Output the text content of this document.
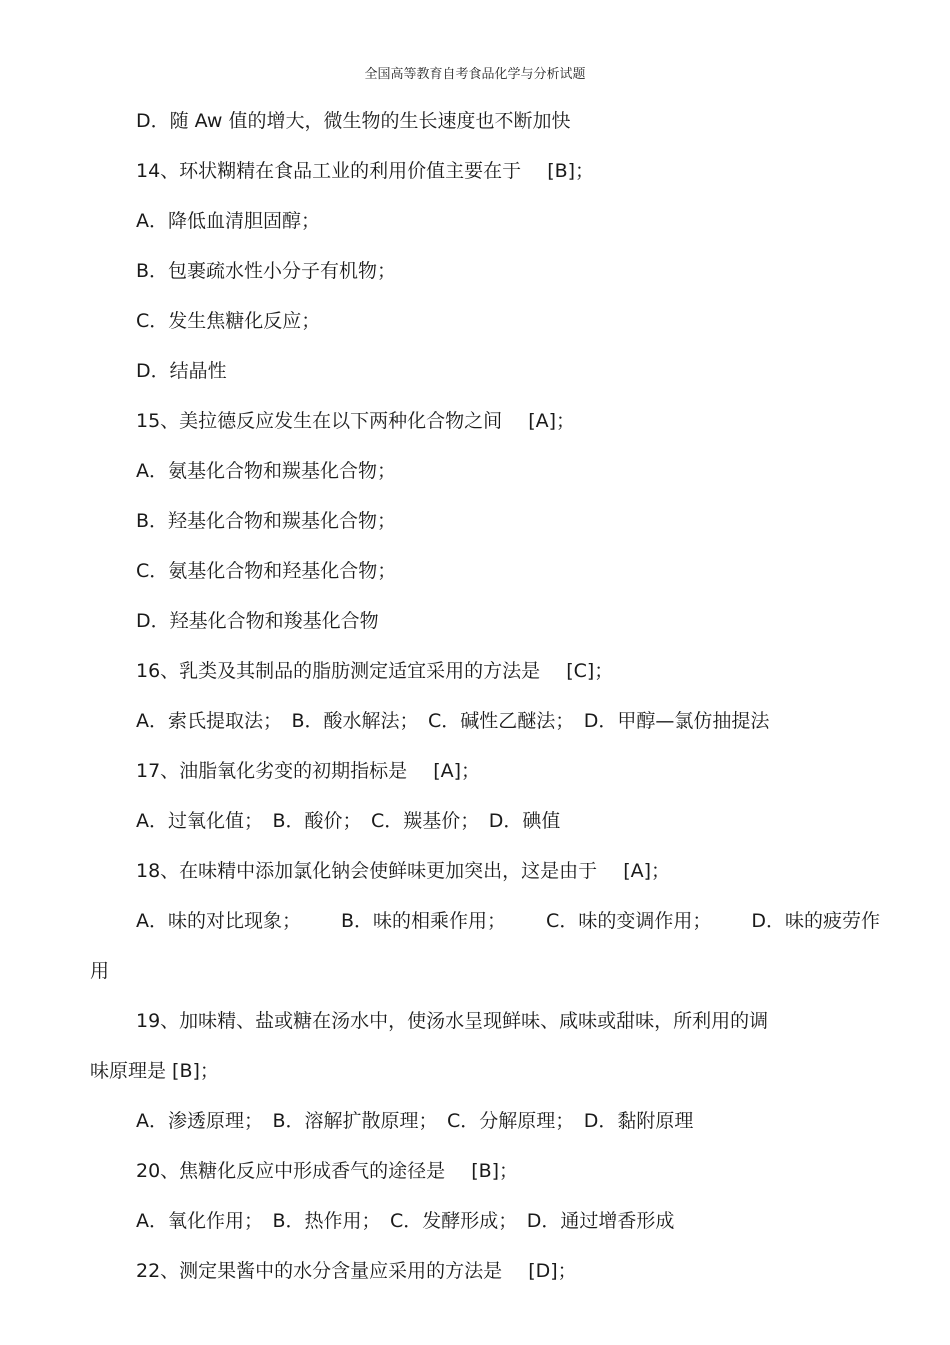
全国高等教育自考食品化学与分析试题
D．随 Aw 值的增大，微生物的生长速度也不断加快
14、环状糊精在食品工业的利用价值主要在于 [B]；
A．降低血清胆固醇；
B．包裹疏水性小分子有机物；
C．发生焦糖化反应；
D．结晶性
15、美拉德反应发生在以下两种化合物之间 [A]；
A．氨基化合物和羰基化合物；
B．羟基化合物和羰基化合物；
C．氨基化合物和羟基化合物；
D．羟基化合物和羧基化合物
16、乳类及其制品的脂肪测定适宜采用的方法是 [C]；
A．索氏提取法；　B．酸水解法；　C．碱性乙醚法；　D．甲醇—氯仿抽提法
17、油脂氧化劣变的初期指标是 [A]；
A．过氧化值；　B．酸价；　C．羰基价；　D．碘值
18、在味精中添加氯化钠会使鲜味更加突出，这是由于 [A]；
A．味的对比现象； B．味的相乘作用； C．味的变调作用； D．味的疲劳作
用
19、加味精、盐或糖在汤水中，使汤水呈现鲜味、咸味或甜味，所利用的调
味原理是 [B]；
A．渗透原理；　B．溶解扩散原理；　C．分解原理；　D．黏附原理
20、焦糖化反应中形成香气的途径是 [B]；
A．氧化作用；　B．热作用；　C．发酵形成；　D．通过增香形成
22、测定果酱中的水分含量应采用的方法是 [D]；
